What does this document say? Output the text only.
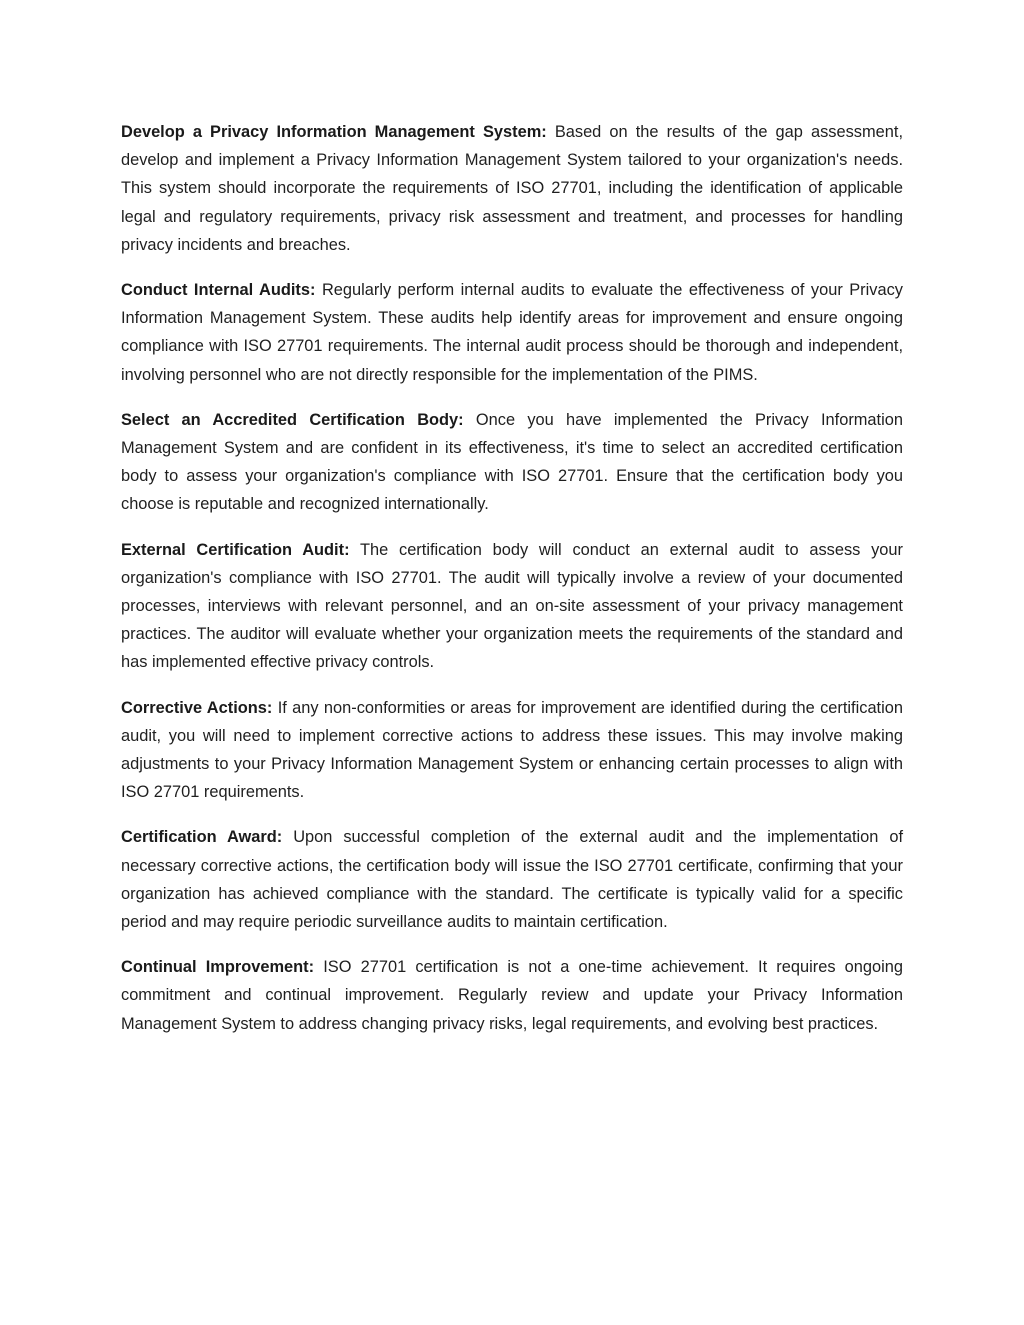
Develop a Privacy Information Management System: Based on the results of the gap assessment, develop and implement a Privacy Information Management System tailored to your organization's needs. This system should incorporate the requirements of ISO 27701, including the identification of applicable legal and regulatory requirements, privacy risk assessment and treatment, and processes for handling privacy incidents and breaches.

Conduct Internal Audits: Regularly perform internal audits to evaluate the effectiveness of your Privacy Information Management System. These audits help identify areas for improvement and ensure ongoing compliance with ISO 27701 requirements. The internal audit process should be thorough and independent, involving personnel who are not directly responsible for the implementation of the PIMS.

Select an Accredited Certification Body: Once you have implemented the Privacy Information Management System and are confident in its effectiveness, it's time to select an accredited certification body to assess your organization's compliance with ISO 27701. Ensure that the certification body you choose is reputable and recognized internationally.

External Certification Audit: The certification body will conduct an external audit to assess your organization's compliance with ISO 27701. The audit will typically involve a review of your documented processes, interviews with relevant personnel, and an on-site assessment of your privacy management practices. The auditor will evaluate whether your organization meets the requirements of the standard and has implemented effective privacy controls.

Corrective Actions: If any non-conformities or areas for improvement are identified during the certification audit, you will need to implement corrective actions to address these issues. This may involve making adjustments to your Privacy Information Management System or enhancing certain processes to align with ISO 27701 requirements.

Certification Award: Upon successful completion of the external audit and the implementation of necessary corrective actions, the certification body will issue the ISO 27701 certificate, confirming that your organization has achieved compliance with the standard. The certificate is typically valid for a specific period and may require periodic surveillance audits to maintain certification.

Continual Improvement: ISO 27701 certification is not a one-time achievement. It requires ongoing commitment and continual improvement. Regularly review and update your Privacy Information Management System to address changing privacy risks, legal requirements, and evolving best practices.
